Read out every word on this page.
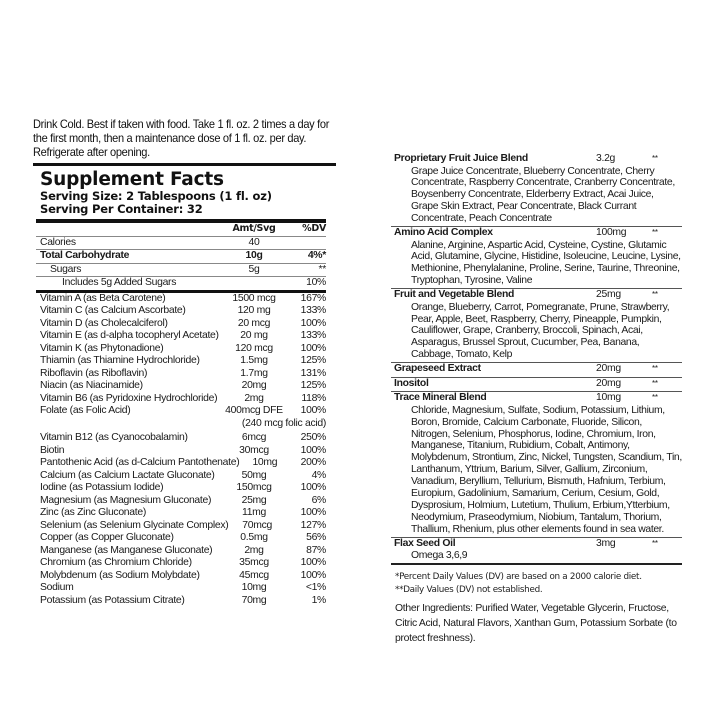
Drink Cold. Best if taken with food. Take 1 fl. oz. 2 times a day for the first month, then a maintenance dose of 1 fl. oz. per day. Refrigerate after opening.
Supplement Facts
Serving Size: 2 Tablespoons (1 fl. oz)
Serving Per Container: 32
Amt/Svg	%DV
Calories	40
Total Carbohydrate	10g	4%*
Sugars	5g	**
Includes 5g Added Sugars	10%
Vitamin A (as Beta Carotene)	1500 mcg	167%
Vitamin C (as Calcium Ascorbate)	120 mg	133%
Vitamin D (as Cholecalciferol)	20 mcg	100%
Vitamin E (as d-alpha tocopheryl Acetate)	20 mg	133%
Vitamin K (as Phytonadione)	120 mcg	100%
Thiamin (as Thiamine Hydrochloride)	1.5mg	125%
Riboflavin (as Riboflavin)	1.7mg	131%
Niacin (as Niacinamide)	20mg	125%
Vitamin B6 (as Pyridoxine Hydrochloride)	2mg	118%
Folate (as Folic Acid)	400mcg DFE	100%
(240 mcg folic acid)
Vitamin B12 (as Cyanocobalamin)	6mcg	250%
Biotin	30mcg	100%
Pantothenic Acid (as d-Calcium Pantothenate)	10mg	200%
Calcium (as Calcium Lactate Gluconate)	50mg	4%
Iodine (as Potassium Iodide)	150mcg	100%
Magnesium (as Magnesium Gluconate)	25mg	6%
Zinc (as Zinc Gluconate)	11mg	100%
Selenium (as Selenium Glycinate Complex)	70mcg	127%
Copper (as Copper Gluconate)	0.5mg	56%
Manganese (as Manganese Gluconate)	2mg	87%
Chromium (as Chromium Chloride)	35mcg	100%
Molybdenum (as Sodium Molybdate)	45mcg	100%
Sodium	10mg	<1%
Potassium (as Potassium Citrate)	70mg	1%
Proprietary Fruit Juice Blend	3.2g	**
Grape Juice Concentrate, Blueberry Concentrate, Cherry Concentrate, Raspberry Concentrate, Cranberry Concentrate, Boysenberry Concentrate, Elderberry Extract, Acai Juice, Grape Skin Extract, Pear Concentrate, Black Currant Concentrate, Peach Concentrate
Amino Acid Complex	100mg	**
Alanine, Arginine, Aspartic Acid, Cysteine, Cystine, Glutamic Acid, Glutamine, Glycine, Histidine, Isoleucine, Leucine, Lysine, Methionine, Phenylalanine, Proline, Serine, Taurine, Threonine, Tryptophan, Tyrosine, Valine
Fruit and Vegetable Blend	25mg	**
Orange, Blueberry, Carrot, Pomegranate, Prune, Strawberry, Pear, Apple, Beet, Raspberry, Cherry, Pineapple, Pumpkin, Cauliflower, Grape, Cranberry, Broccoli, Spinach, Acai, Asparagus, Brussel Sprout, Cucumber, Pea, Banana, Cabbage, Tomato, Kelp
Grapeseed Extract	20mg	**
Inositol	20mg	**
Trace Mineral Blend	10mg	**
Chloride, Magnesium, Sulfate, Sodium, Potassium, Lithium, Boron, Bromide, Calcium Carbonate, Fluoride, Silicon, Nitrogen, Selenium, Phosphorus, Iodine, Chromium, Iron, Manganese, Titanium, Rubidium, Cobalt, Antimony, Molybdenum, Strontium, Zinc, Nickel, Tungsten, Scandium, Tin, Lanthanum, Yttrium, Barium, Silver, Gallium, Zirconium, Vanadium, Beryllium, Tellurium, Bismuth, Hafnium, Terbium, Europium, Gadolinium, Samarium, Cerium, Cesium, Gold, Dysprosium, Holmium, Lutetium, Thulium, Erbium,Ytterbium, Neodymium, Praseodymium, Niobium, Tantalum, Thorium, Thallium, Rhenium, plus other elements found in sea water.
Flax Seed Oil	3mg	**
Omega 3,6,9
*Percent Daily Values (DV) are based on a 2000 calorie diet.
**Daily Values (DV) not established.
Other Ingredients: Purified Water, Vegetable Glycerin, Fructose, Citric Acid, Natural Flavors, Xanthan Gum, Potassium Sorbate (to protect freshness).
